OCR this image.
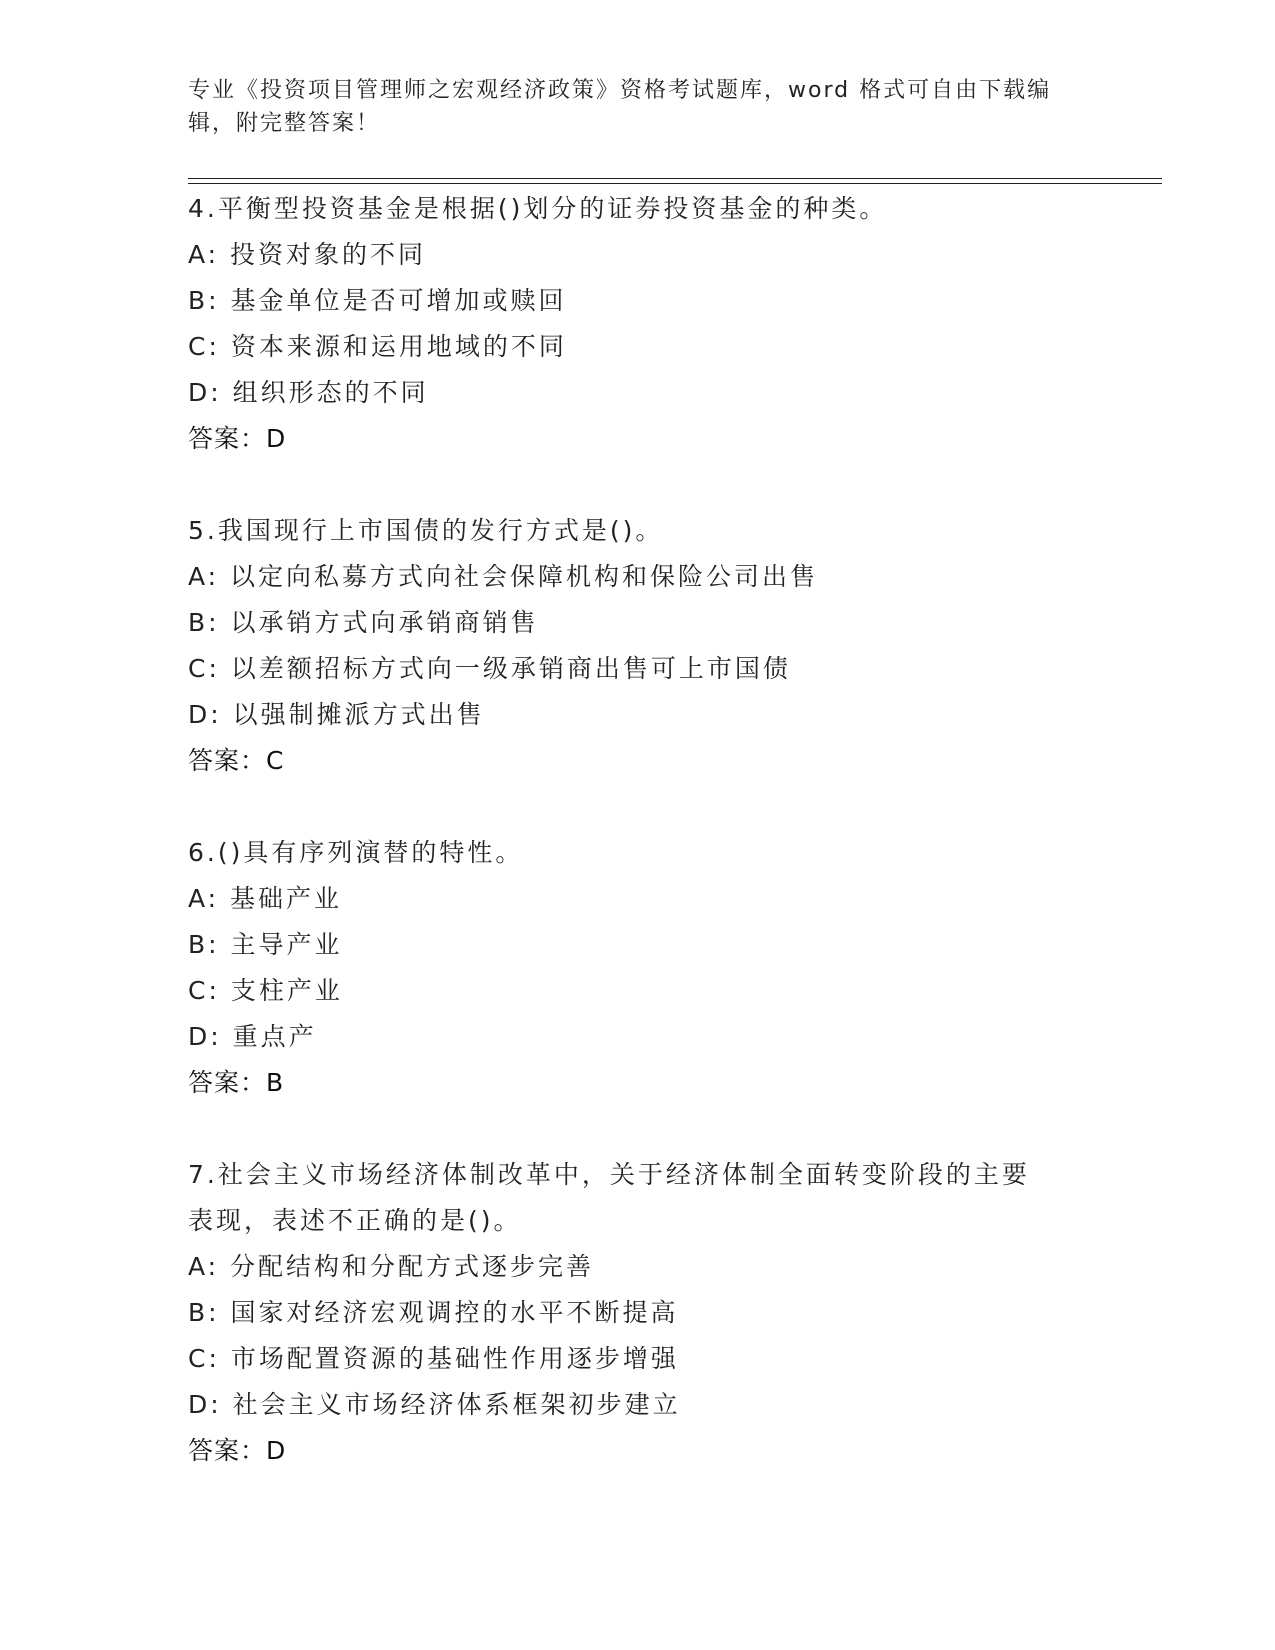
专业《投资项目管理师之宏观经济政策》资格考试题库，word 格式可自由下载编
辑，附完整答案！
4.平衡型投资基金是根据()划分的证券投资基金的种类。
A: 投资对象的不同
B: 基金单位是否可增加或赎回
C: 资本来源和运用地域的不同
D: 组织形态的不同
答案：D
5.我国现行上市国债的发行方式是()。
A: 以定向私募方式向社会保障机构和保险公司出售
B: 以承销方式向承销商销售
C: 以差额招标方式向一级承销商出售可上市国债
D: 以强制摊派方式出售
答案：C
6.()具有序列演替的特性。
A: 基础产业
B: 主导产业
C: 支柱产业
D: 重点产
答案：B
7.社会主义市场经济体制改革中，关于经济体制全面转变阶段的主要
表现，表述不正确的是()。
A: 分配结构和分配方式逐步完善
B: 国家对经济宏观调控的水平不断提高
C: 市场配置资源的基础性作用逐步增强
D: 社会主义市场经济体系框架初步建立
答案：D
